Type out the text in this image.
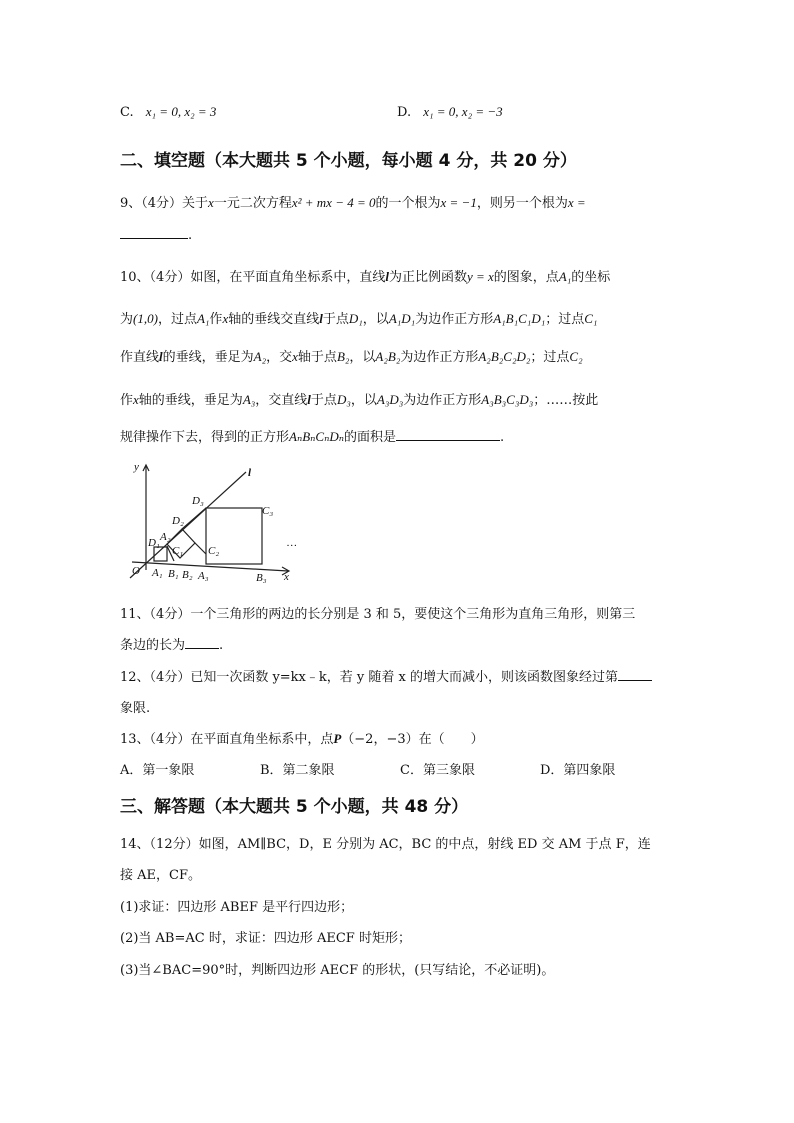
C. x₁ = 0, x₂ = 3	D. x₁ = 0, x₂ = −3
二、填空题（本大题共 5 个小题，每小题 4 分，共 20 分）
9、（4分）关于x一元二次方程x² + mx − 4 = 0的一个根为x = −1，则另一个根为x =
.
10、（4分）如图，在平面直角坐标系中，直线l为正比例函数y = x的图象，点A₁的坐标
为(1,0)，过点A₁作x轴的垂线交直线l于点D₁，以A₁D₁为边作正方形A₁B₁C₁D₁；过点C₁
作直线l的垂线，垂足为A₂，交x轴于点B₂，以A₂B₂为边作正方形A₂B₂C₂D₂；过点C₂
作x轴的垂线，垂足为A₃，交直线l于点D₃，以A₃D₃为边作正方形A₃B₃C₃D₃；……按此
规律操作下去，得到的正方形AₙBₙCₙDₙ的面积是	.
y
x
O
l
A₁ B₁ B₂ A₃	B₃
D₁ A₂
C₁
D₂
C₂
D₃
C₃
…
11、（4分）一个三角形的两边的长分别是 3 和 5，要使这个三角形为直角三角形，则第三
条边的长为	.
12、（4分）已知一次函数 y=kx﹣k，若 y 随着 x 的增大而减小，则该函数图象经过第
象限.
13、（4分）在平面直角坐标系中，点P（−2，−3）在（　　）
A．第一象限	B．第二象限	C．第三象限	D．第四象限
三、解答题（本大题共 5 个小题，共 48 分）
14、（12分）如图，AM∥BC，D，E 分别为 AC，BC 的中点，射线 ED 交 AM 于点 F，连
接 AE，CF。
(1)求证：四边形 ABEF 是平行四边形；
(2)当 AB=AC 时，求证：四边形 AECF 时矩形；
(3)当∠BAC=90°时，判断四边形 AECF 的形状，(只写结论，不必证明)。
